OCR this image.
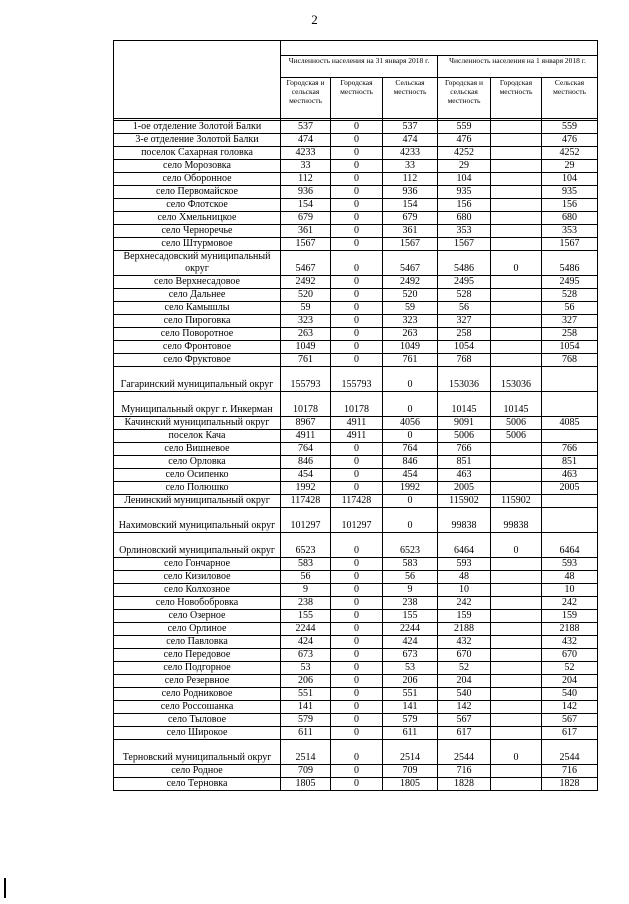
2

	Численность населения на 31 января 2018 г.			Численность населения на 1 января 2018 г.		
	Городская и сельская местность	Городская местность	Сельская местность	Городская и сельская местность	Городская местность	Сельская местность

1-ое отделение Золотой Балки	537	0	537	559		559
3-е отделение Золотой Балки	474	0	474	476		476
поселок Сахарная головка	4233	0	4233	4252		4252
село Морозовка	33	0	33	29		29
село Оборонное	112	0	112	104		104
село Первомайское	936	0	936	935		935
село Флотское	154	0	154	156		156
село Хмельницкое	679	0	679	680		680
село Черноречье	361	0	361	353		353
село Штурмовое	1567	0	1567	1567		1567
Верхнесадовский муниципальный округ	5467	0	5467	5486	0	5486
село Верхнесадовое	2492	0	2492	2495		2495
село Дальнее	520	0	520	528		528
село Камышлы	59	0	59	56		56
село Пироговка	323	0	323	327		327
село Поворотное	263	0	263	258		258
село Фронтовое	1049	0	1049	1054		1054
село Фруктовое	761	0	761	768		768
Гагаринский муниципальный округ	155793	155793	0	153036	153036	
Муниципальный округ г. Инкерман	10178	10178	0	10145	10145	
Качинский муниципальный округ	8967	4911	4056	9091	5006	4085
поселок Кача	4911	4911	0	5006	5006	
село Вишневое	764	0	764	766		766
село Орловка	846	0	846	851		851
село Осипенко	454	0	454	463		463
село Полюшко	1992	0	1992	2005		2005
Ленинский муниципальный округ	117428	117428	0	115902	115902	
Нахимовский муниципальный округ	101297	101297	0	99838	99838	
Орлиновский муниципальный округ	6523	0	6523	6464	0	6464
село Гончарное	583	0	583	593		593
село Кизиловое	56	0	56	48		48
село Колхозное	9	0	9	10		10
село Новобобровка	238	0	238	242		242
село Озерное	155	0	155	159		159
село Орлиное	2244	0	2244	2188		2188
село Павловка	424	0	424	432		432
село Передовое	673	0	673	670		670
село Подгорное	53	0	53	52		52
село Резервное	206	0	206	204		204
село Родниковое	551	0	551	540		540
село Россошанка	141	0	141	142		142
село Тыловое	579	0	579	567		567
село Широкое	611	0	611	617		617
Терновский муниципальный округ	2514	0	2514	2544	0	2544
село Родное	709	0	709	716		716
село Терновка	1805	0	1805	1828		1828
